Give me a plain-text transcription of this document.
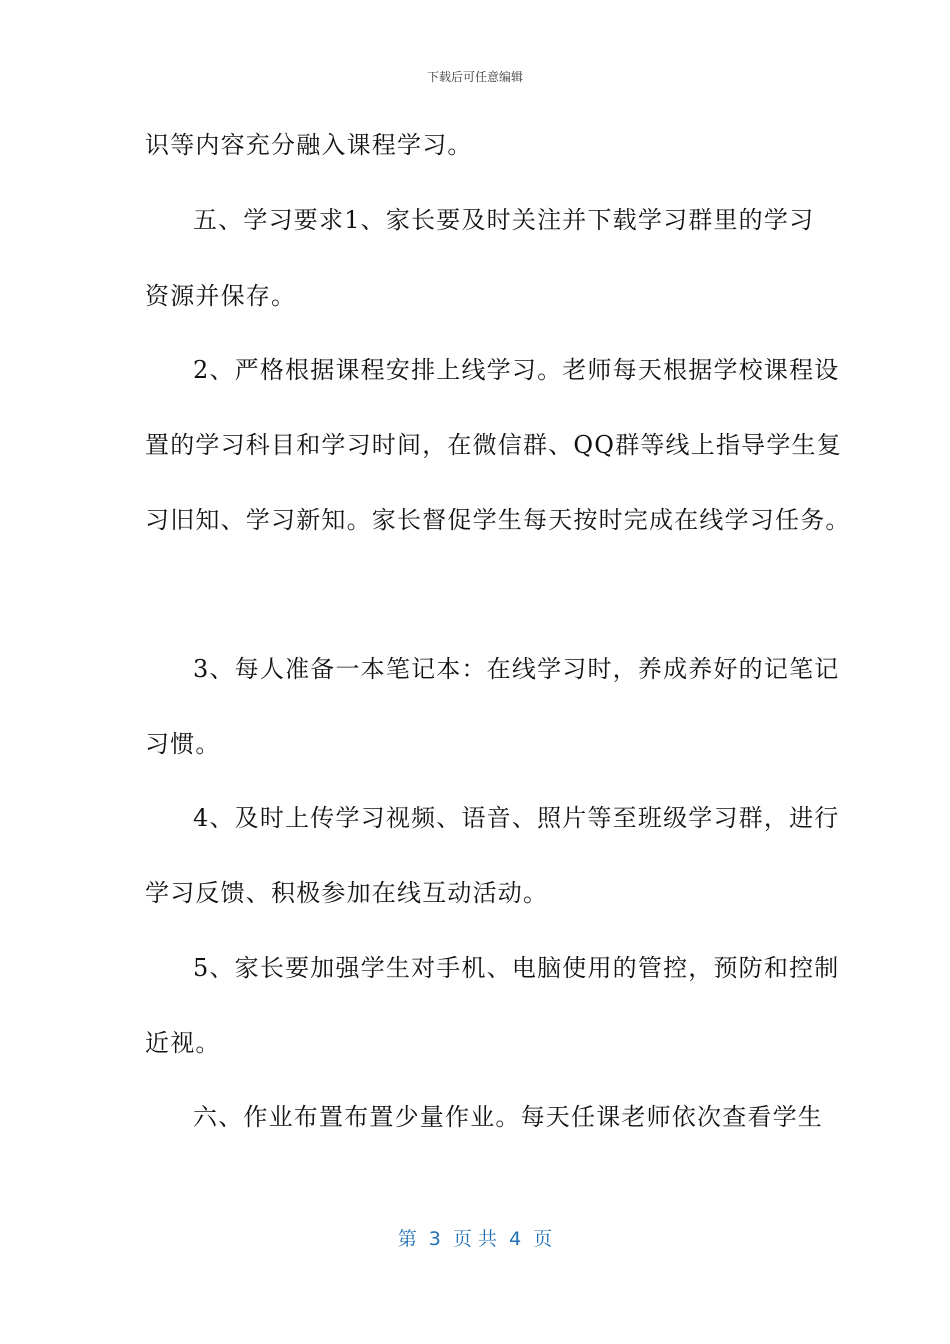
下载后可任意编辑
识等内容充分融入课程学习。
五、学习要求1、家长要及时关注并下载学习群里的学习
资源并保存。
2、严格根据课程安排上线学习。老师每天根据学校课程设
置的学习科目和学习时间，在微信群、QQ群等线上指导学生复
习旧知、学习新知。家长督促学生每天按时完成在线学习任务。
3、每人准备一本笔记本：在线学习时，养成养好的记笔记
习惯。
4、及时上传学习视频、语音、照片等至班级学习群，进行
学习反馈、积极参加在线互动活动。
5、家长要加强学生对手机、电脑使用的管控，预防和控制
近视。
六、作业布置布置少量作业。每天任课老师依次查看学生
第  3  页 共  4  页
